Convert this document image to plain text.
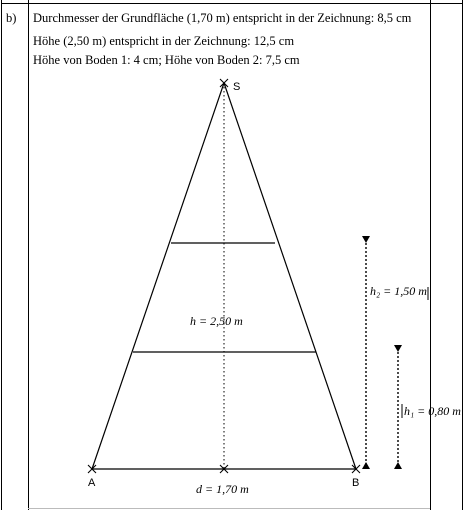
b) Durchmesser der Grundfläche (1,70 m) entspricht in der Zeichnung: 8,5 cm
Höhe (2,50 m) entspricht in der Zeichnung: 12,5 cm
Höhe von Boden 1: 4 cm; Höhe von Boden 2: 7,5 cm
S
A	B
h = 2,50 m
d = 1,70 m
h₂ = 1,50 m
h₁ = 0,80 m
